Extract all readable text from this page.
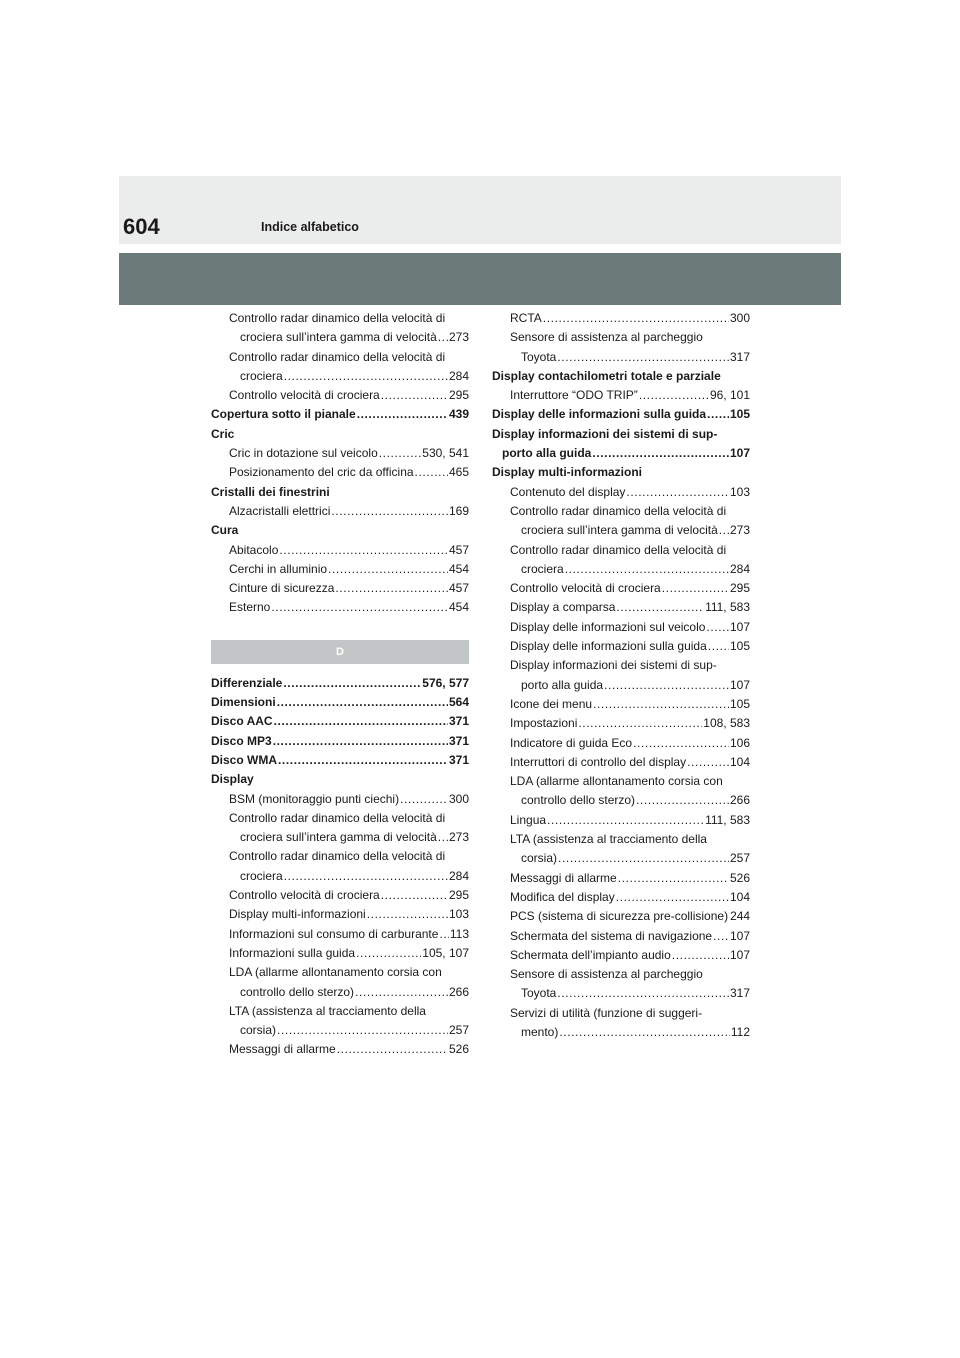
604	Indice alfabetico
Controllo radar dinamico della velocità di
crociera sull’intera gamma di velocità ..... 273
Controllo radar dinamico della velocità di
crociera .....	284
Controllo velocità di crociera .....	295
Copertura sotto il pianale .....	439
Cric
Cric in dotazione sul veicolo .....	530, 541
Posizionamento del cric da officina .....	465
Cristalli dei finestrini
Alzacristalli elettrici .....	169
Cura
Abitacolo .....	457
Cerchi in alluminio .....	454
Cinture di sicurezza .....	457
Esterno .....	454
D
Differenziale .....	576, 577
Dimensioni .....	564
Disco AAC .....	371
Disco MP3 .....	371
Disco WMA .....	371
Display
BSM (monitoraggio punti ciechi) .....	300
Controllo radar dinamico della velocità di
crociera sull’intera gamma di velocità ..... 273
Controllo radar dinamico della velocità di
crociera .....	284
Controllo velocità di crociera .....	295
Display multi-informazioni .....	103
Informazioni sul consumo di carburante ..... 113
Informazioni sulla guida .....	105, 107
LDA (allarme allontanamento corsia con
controllo dello sterzo) .....	266
LTA (assistenza al tracciamento della
corsia) .....	257
Messaggi di allarme .....	526
RCTA .....	300
Sensore di assistenza al parcheggio
Toyota .....	317
Display contachilometri totale e parziale
Interruttore “ODO TRIP” .....	96, 101
Display delle informazioni sulla guida ..... 105
Display informazioni dei sistemi di sup-
porto alla guida .....	107
Display multi-informazioni
Contenuto del display .....	103
Controllo radar dinamico della velocità di
crociera sull’intera gamma di velocità ..... 273
Controllo radar dinamico della velocità di
crociera .....	284
Controllo velocità di crociera .....	295
Display a comparsa .....	111, 583
Display delle informazioni sul veicolo ..... 107
Display delle informazioni sulla guida ..... 105
Display informazioni dei sistemi di sup-
porto alla guida .....	107
Icone dei menu .....	105
Impostazioni .....	108, 583
Indicatore di guida Eco .....	106
Interruttori di controllo del display .....	104
LDA (allarme allontanamento corsia con
controllo dello sterzo) .....	266
Lingua .....	111, 583
LTA (assistenza al tracciamento della
corsia) .....	257
Messaggi di allarme .....	526
Modifica del display .....	104
PCS (sistema di sicurezza pre-collisione) 244
Schermata del sistema di navigazione ..... 107
Schermata dell’impianto audio .....	107
Sensore di assistenza al parcheggio
Toyota .....	317
Servizi di utilità (funzione di suggeri-
mento) .....	112
